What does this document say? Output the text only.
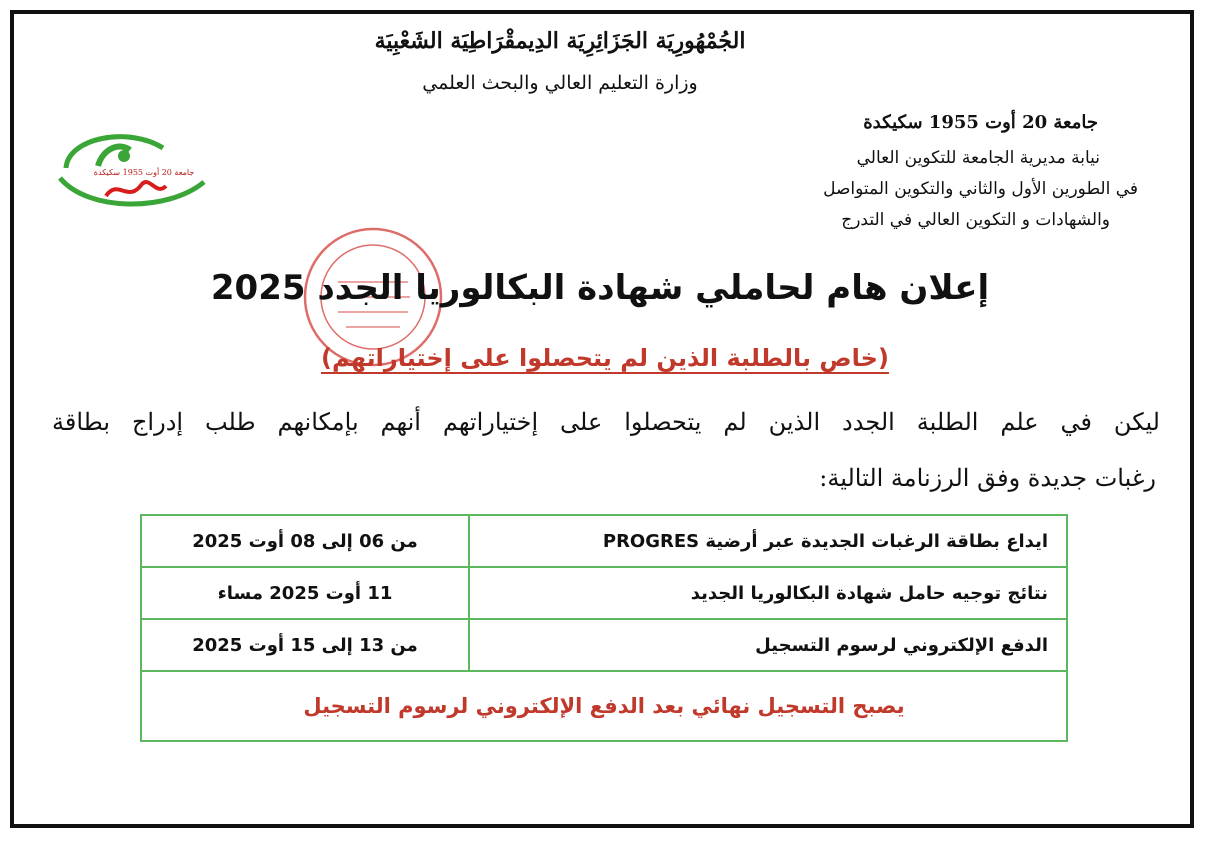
الجُمْهُورِيَة الجَزَائِرِيَة الدِيمقْرَاطِيَة الشَعْبِيَة
وزارة التعليم العالي والبحث العلمي
جامعة 20 أوت 1955 سكيكدة
نيابة مديرية الجامعة للتكوين العالي
في الطورين الأول والثاني والتكوين المتواصل
والشهادات و التكوين العالي في التدرج
جامعة 20 أوت 1955 سكيكدة
إعلان هام لحاملي شهادة البكالوريا الجدد 2025
(خاص بالطلبة الذين لم يتحصلوا على إختياراتهم)
ليكن في علم الطلبة الجدد الذين لم يتحصلوا على إختياراتهم أنهم بإمكانهم طلب إدراج بطاقة
رغبات جديدة وفق الرزنامة التالية:
ايداع بطاقة الرغبات الجديدة عبر أرضية PROGRES	من 06 إلى 08 أوت 2025
نتائج توجيه حامل شهادة البكالوريا الجديد	11 أوت 2025 مساء
الدفع الإلكتروني لرسوم التسجيل	من 13 إلى 15 أوت 2025
يصبح التسجيل نهائي بعد الدفع الإلكتروني لرسوم التسجيل	
